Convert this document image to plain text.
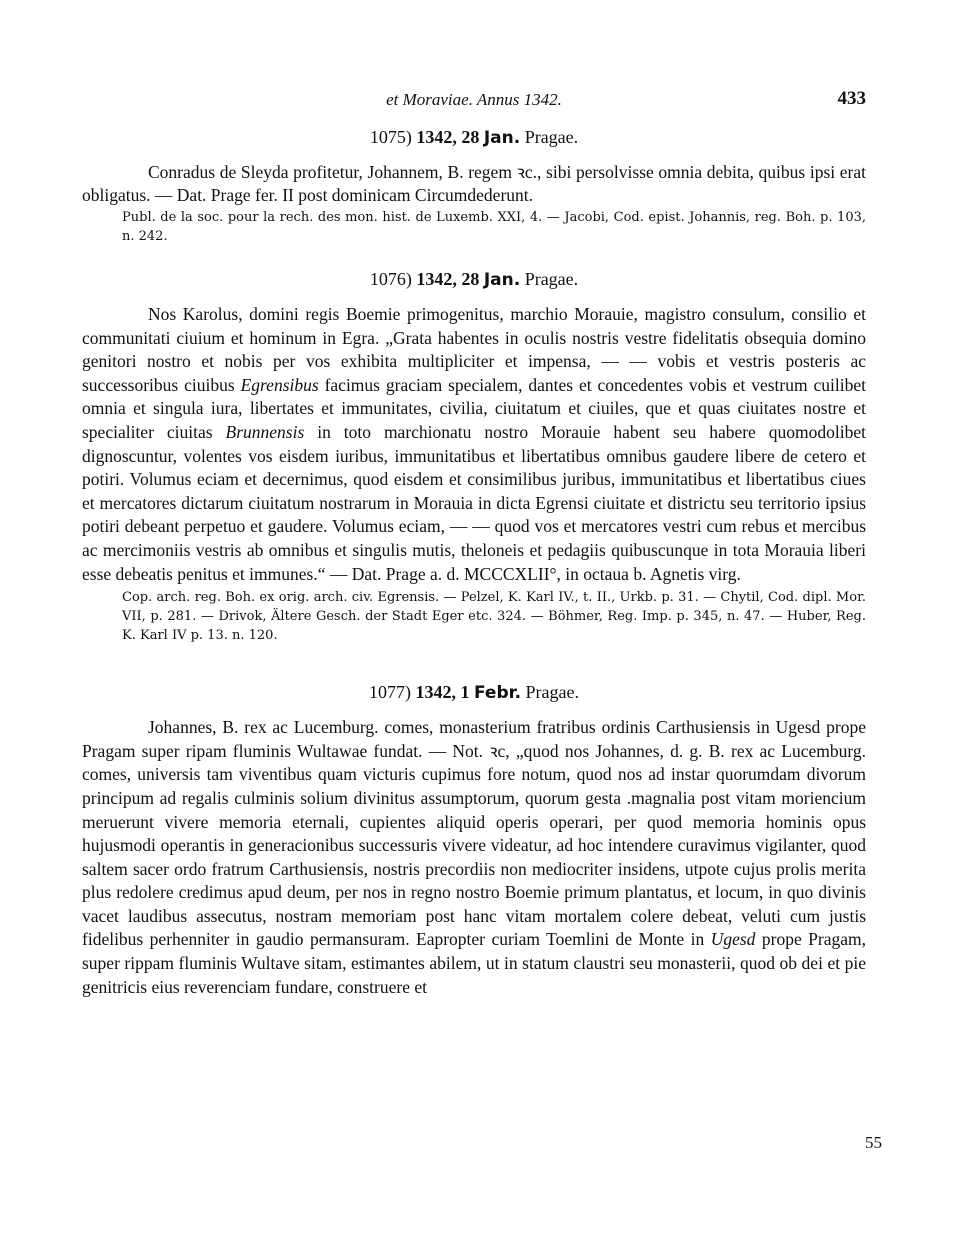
et Moraviae. Annus 1342.	433
1075) 1342, 28 Jan. Pragae.

Conradus de Sleyda profitetur, Johannem, B. regem ꝛc., sibi persolvisse omnia debita, quibus ipsi erat obligatus. — Dat. Prage fer. II post dominicam Circumdederunt.

Publ. de la soc. pour la rech. des mon. hist. de Luxemb. XXI, 4. — Jacobi, Cod. epist. Johannis, reg. Boh. p. 103, n. 242.

1076) 1342, 28 Jan. Pragae.

Nos Karolus, domini regis Boemie primogenitus, marchio Morauie, magistro consulum, consilio et communitati ciuium et hominum in Egra. „Grata habentes in oculis nostris vestre fidelitatis obsequia domino genitori nostro et nobis per vos exhibita multipliciter et impensa, — — vobis et vestris posteris ac successoribus ciuibus Egrensibus facimus graciam specialem, dantes et concedentes vobis et vestrum cuilibet omnia et singula iura, libertates et immunitates, civilia, ciuitatum et ciuiles, que et quas ciuitates nostre et specialiter ciuitas Brunnensis in toto marchionatu nostro Morauie habent seu habere quomodolibet dignoscuntur, volentes vos eisdem iuribus, immunitatibus et libertatibus omnibus gaudere libere de cetero et potiri. Volumus eciam et decernimus, quod eisdem et consimilibus juribus, immunitatibus et libertatibus ciues et mercatores dictarum ciuitatum nostrarum in Morauia in dicta Egrensi ciuitate et districtu seu territorio ipsius potiri debeant perpetuo et gaudere. Volumus eciam, — — quod vos et mercatores vestri cum rebus et mercibus ac mercimoniis vestris ab omnibus et singulis mutis, theloneis et pedagiis quibuscunque in tota Morauia liberi esse debeatis penitus et immunes.“ — Dat. Prage a. d. MCCCXLII°, in octaua b. Agnetis virg.

Cop. arch. reg. Boh. ex orig. arch. civ. Egrensis. — Pelzel, K. Karl IV., t. II., Urkb. p. 31. — Chytil, Cod. dipl. Mor. VII, p. 281. — Drivok, Ältere Gesch. der Stadt Eger etc. 324. — Böhmer, Reg. Imp. p. 345, n. 47. — Huber, Reg. K. Karl IV p. 13. n. 120.

1077) 1342, 1 Febr. Pragae.

Johannes, B. rex ac Lucemburg. comes, monasterium fratribus ordinis Carthusiensis in Ugesd prope Pragam super ripam fluminis Wultawae fundat. — Not. ꝛc, „quod nos Johannes, d. g. B. rex ac Lucemburg. comes, universis tam viventibus quam victuris cupimus fore notum, quod nos ad instar quorumdam divorum principum ad regalis culminis solium divinitus assumptorum, quorum gesta .magnalia post vitam moriencium meruerunt vivere memoria eternali, cupientes aliquid operis operari, per quod memoria hominis opus hujusmodi operantis in generacionibus successuris vivere videatur, ad hoc intendere curavimus vigilanter, quod saltem sacer ordo fratrum Carthusiensis, nostris precordiis non mediocriter insidens, utpote cujus prolis merita plus redolere credimus apud deum, per nos in regno nostro Boemie primum plantatus, et locum, in quo divinis vacet laudibus assecutus, nostram memoriam post hanc vitam mortalem colere debeat, veluti cum justis fidelibus perhenniter in gaudio permansuram. Eapropter curiam Toemlini de Monte in Ugesd prope Pragam, super rippam fluminis Wultave sitam, estimantes abilem, ut in statum claustri seu monasterii, quod ob dei et pie genitricis eius reverenciam fundare, construere et

55
